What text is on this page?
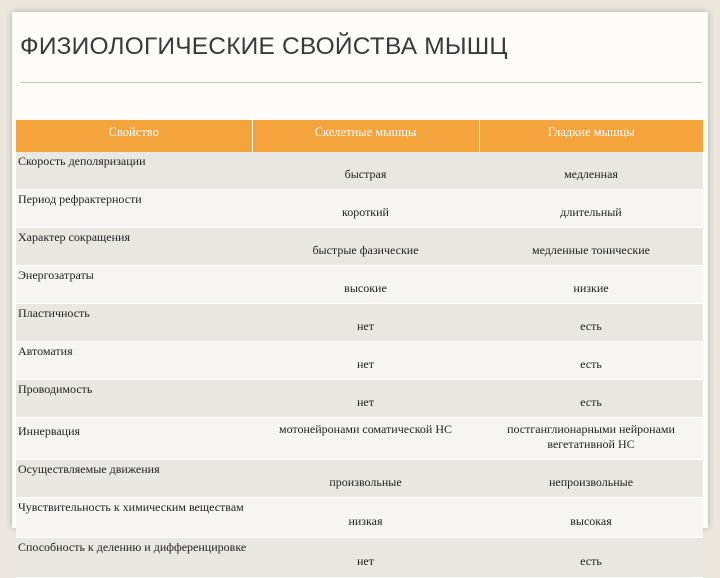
ФИЗИОЛОГИЧЕСКИЕ СВОЙСТВА МЫШЦ
Свойство	Скелетные мышцы	Гладкие мышцы
Скорость деполяризации	быстрая	медленная
Период рефрактерности	короткий	длительный
Характер сокращения	быстрые фазические	медленные тонические
Энергозатраты	высокие	низкие
Пластичность	нет	есть
Автоматия	нет	есть
Проводимость	нет	есть
Иннервация	мотонейронами соматической НС	постганглионарными нейронами вегетативной НС
Осуществляемые движения	произвольные	непроизвольные
Чувствительность к химическим веществам	низкая	высокая
Способность к делению и дифференцировке	нет	есть
